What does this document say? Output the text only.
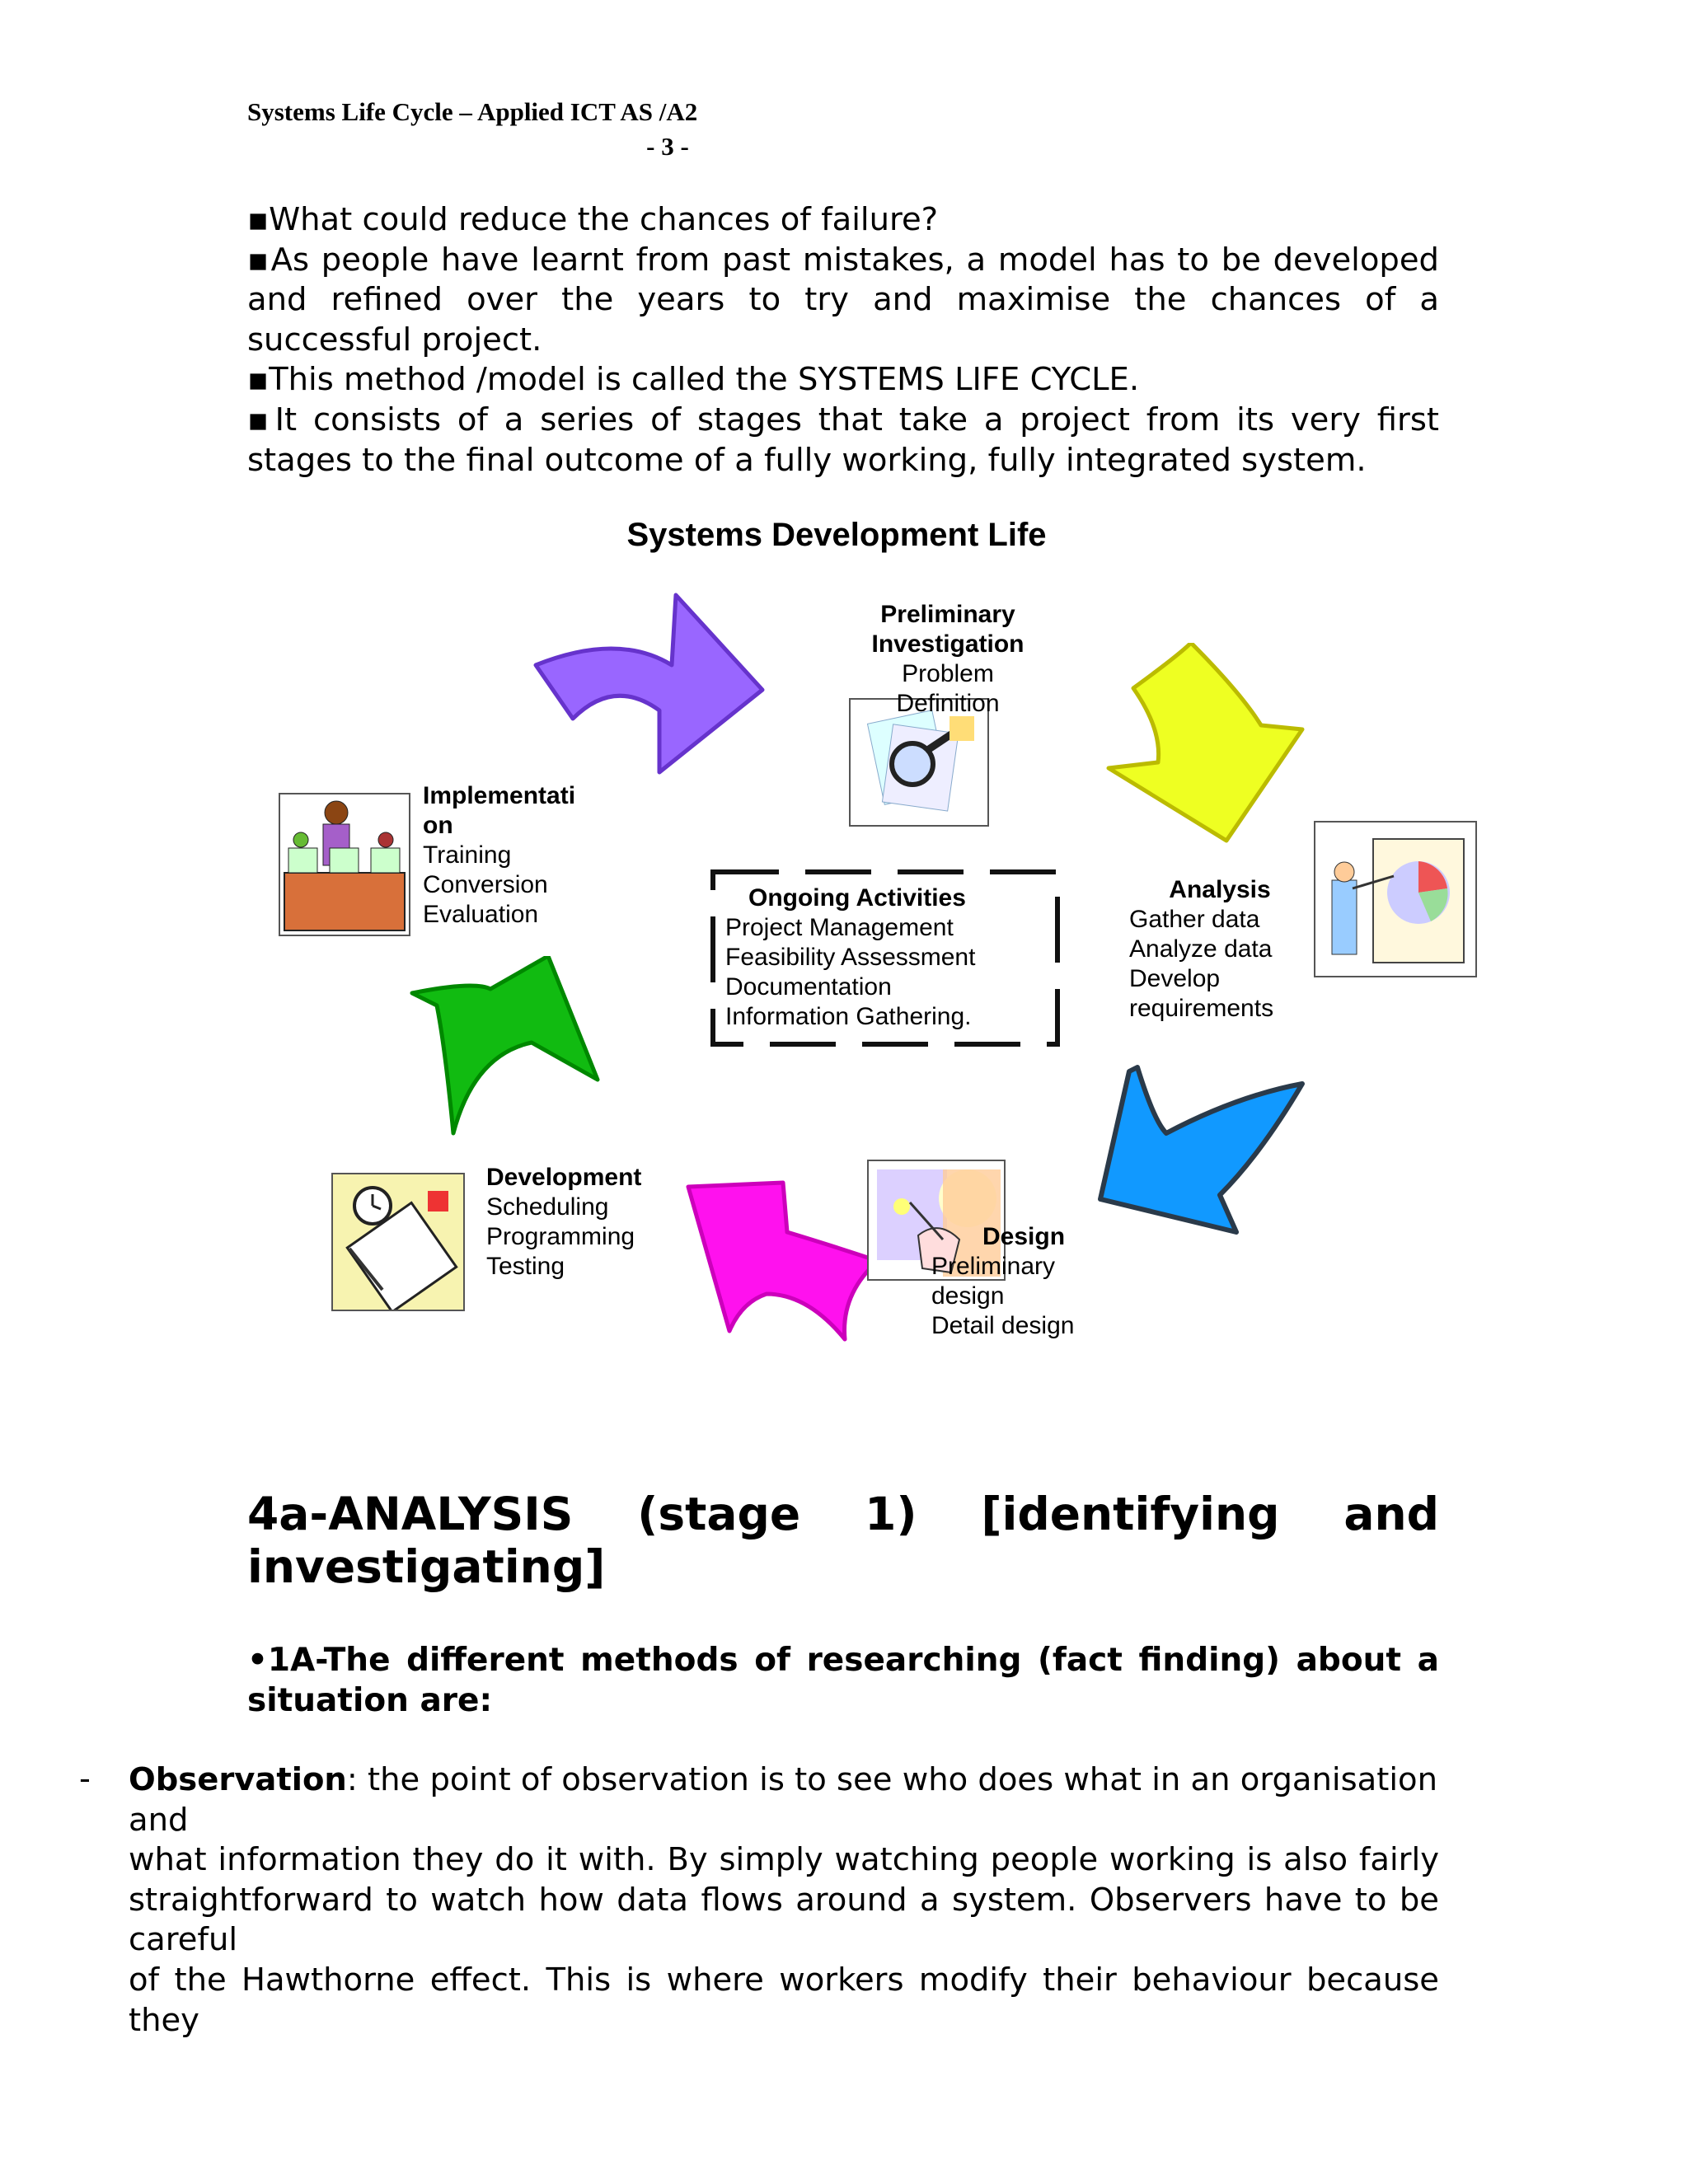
Systems Life Cycle – Applied ICT AS /A2
- 3 -

▪What could reduce the chances of failure?

▪As people have learnt from past mistakes, a model has to be developed and refined over the years to try and maximise the chances of a successful project.

▪This method /model is called the SYSTEMS LIFE CYCLE.

▪It consists of a series of stages that take a project from its very first stages to the final outcome of a fully working, fully integrated system.

Systems Development Life
Preliminary
Investigation
Problem
Definition
Analysis
Gather data
Analyze data
Develop
requirements
Design
Preliminary
design
Detail design
Development
Scheduling
Programming
Testing
Implementati
on
Training
Conversion
Evaluation
Ongoing Activities
Project Management
Feasibility Assessment
Documentation
Information Gathering.
4a-ANALYSIS (stage 1) [identifying and
investigating]
•1A-The different methods of researching (fact finding) about a
situation are:
- Observation: the point of observation is to see who does what in an organisation and
what information they do it with. By simply watching people working is also fairly
straightforward to watch how data flows around a system. Observers have to be careful
of the Hawthorne effect. This is where workers modify their behaviour because they
